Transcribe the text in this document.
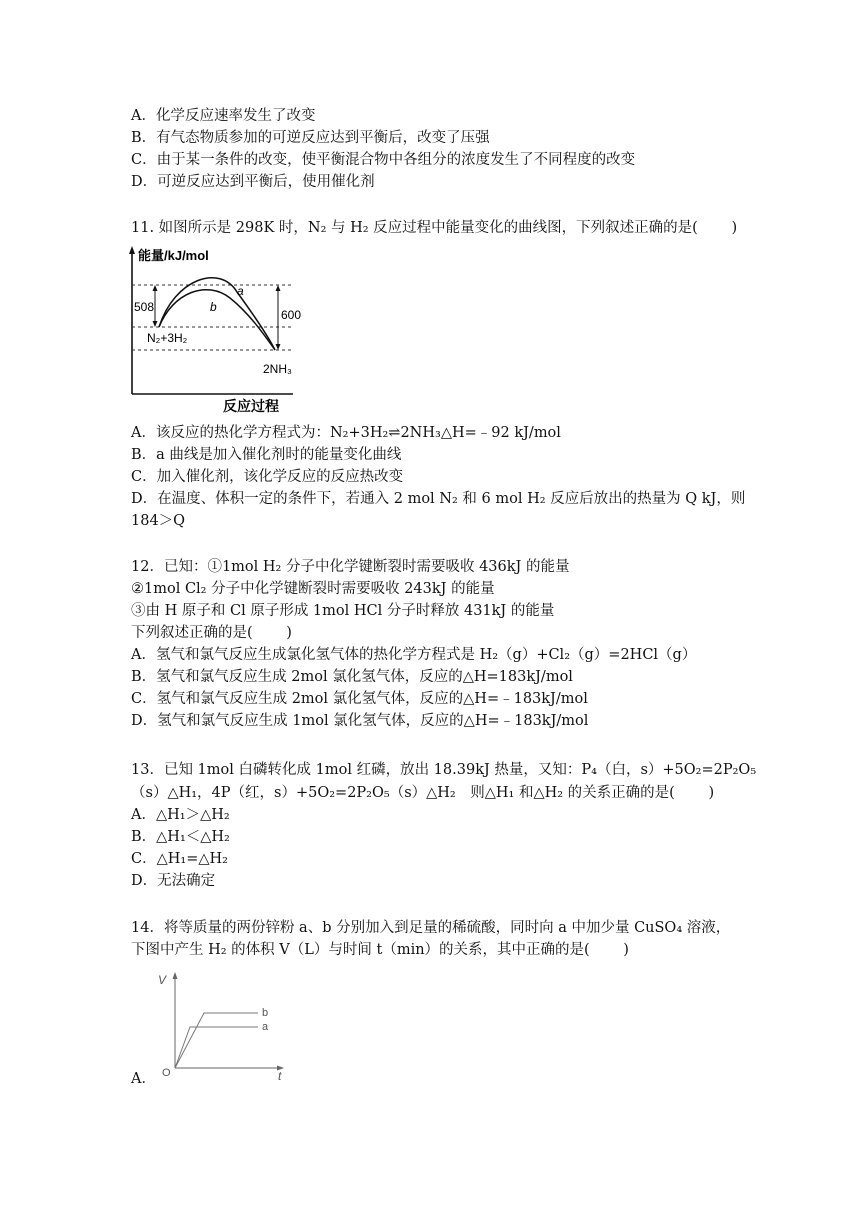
A．化学反应速率发生了改变
B．有气态物质参加的可逆反应达到平衡后，改变了压强
C．由于某一条件的改变，使平衡混合物中各组分的浓度发生了不同程度的改变
D．可逆反应达到平衡后，使用催化剂
11. 如图所示是 298K 时，N₂ 与 H₂ 反应过程中能量变化的曲线图，下列叙述正确的是(　　 )
能量/kJ/mol
a
b
508
600
N₂+3H₂
2NH₃
反应过程
A．该反应的热化学方程式为：N₂+3H₂⇌2NH₃△H=﹣92 kJ/mol
B．a 曲线是加入催化剂时的能量变化曲线
C．加入催化剂，该化学反应的反应热改变
D．在温度、体积一定的条件下，若通入 2 mol N₂ 和 6 mol H₂ 反应后放出的热量为 Q kJ，则
184＞Q
12．已知：①1mol H₂ 分子中化学键断裂时需要吸收 436kJ 的能量
②1mol Cl₂ 分子中化学键断裂时需要吸收 243kJ 的能量
③由 H 原子和 Cl 原子形成 1mol HCl 分子时释放 431kJ 的能量
下列叙述正确的是(　　 )
A．氢气和氯气反应生成氯化氢气体的热化学方程式是 H₂（g）+Cl₂（g）=2HCl（g）
B．氢气和氯气反应生成 2mol 氯化氢气体，反应的△H=183kJ/mol
C．氢气和氯气反应生成 2mol 氯化氢气体，反应的△H=﹣183kJ/mol
D．氢气和氯气反应生成 1mol 氯化氢气体，反应的△H=﹣183kJ/mol
13．已知 1mol 白磷转化成 1mol 红磷，放出 18.39kJ 热量，又知：P₄（白，s）+5O₂=2P₂O₅
（s）△H₁，4P（红，s）+5O₂=2P₂O₅（s）△H₂　则△H₁ 和△H₂ 的关系正确的是(　　 )
A．△H₁＞△H₂
B．△H₁＜△H₂
C．△H₁=△H₂
D．无法确定
14．将等质量的两份锌粉 a、b 分别加入到足量的稀硫酸，同时向 a 中加少量 CuSO₄ 溶液，
下图中产生 H₂ 的体积 V（L）与时间 t（min）的关系，其中正确的是(　　 )
V
t
O
b
a
A．
